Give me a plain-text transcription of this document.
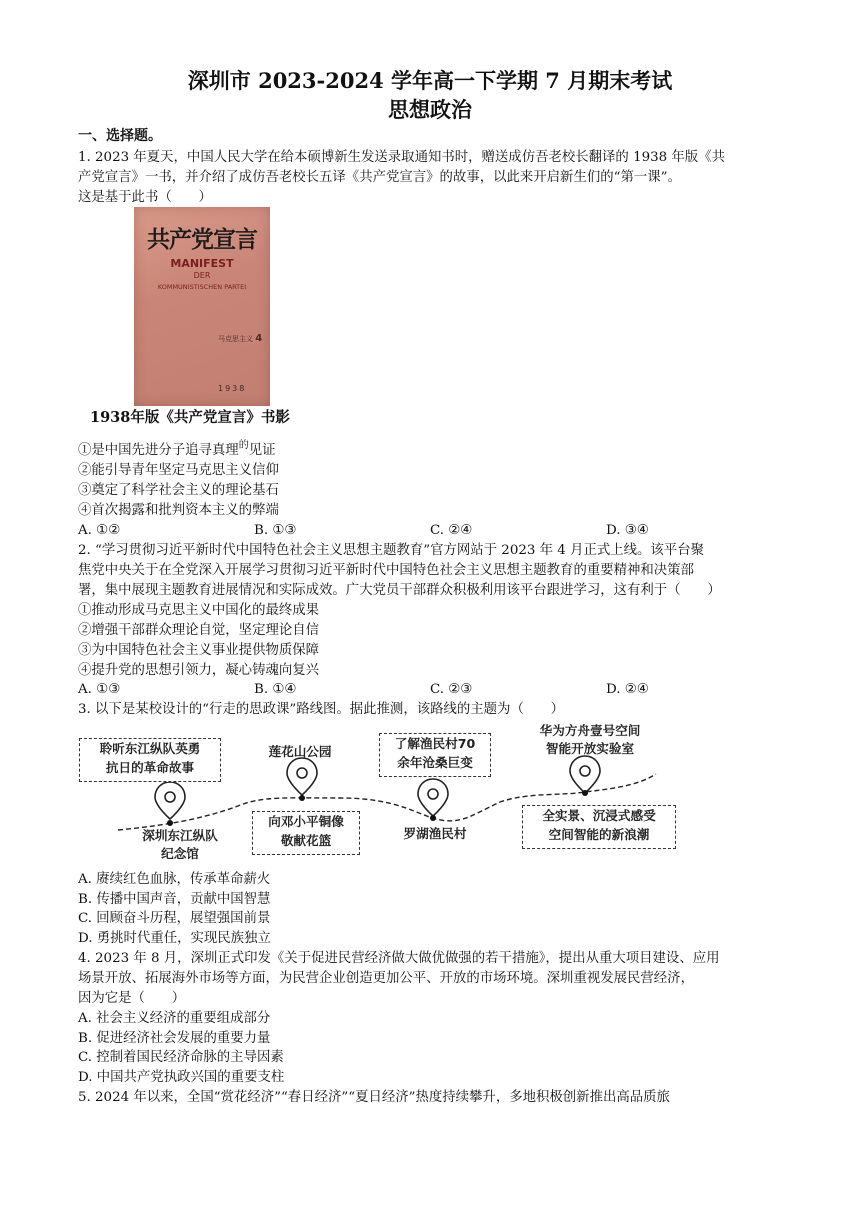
深圳市 2023-2024 学年高一下学期 7 月期末考试
思想政治
一、选择题。
1. 2023 年夏天，中国人民大学在给本硕博新生发送录取通知书时，赠送成仿吾老校长翻译的 1938 年版《共
产党宣言》一书，并介绍了成仿吾老校长五译《共产党宣言》的故事，以此来开启新生们的“第一课”。
这是基于此书（　　）
共产党宣言
MANIFEST
DER
KOMMUNISTISCHEN PARTEI
马克思主义 4
1938
1938年版《共产党宣言》书影
①是中国先进分子追寻真理$^的$见证
②能引导青年坚定马克思主义信仰
③奠定了科学社会主义的理论基石
④首次揭露和批判资本主义的弊端
A. ①②	B. ①③	C. ②④	D. ③④
2. “学习贯彻习近平新时代中国特色社会主义思想主题教育”官方网站于 2023 年 4 月正式上线。该平台聚
焦党中央关于在全党深入开展学习贯彻习近平新时代中国特色社会主义思想主题教育的重要精神和决策部
署，集中展现主题教育进展情况和实际成效。广大党员干部群众积极利用该平台跟进学习，这有利于（　　）
①推动形成马克思主义中国化的最终成果
②增强干部群众理论自觉，坚定理论自信
③为中国特色社会主义事业提供物质保障
④提升党的思想引领力，凝心铸魂向复兴
A. ①③	B. ①④	C. ②③	D. ②④
3. 以下是某校设计的“行走的思政课”路线图。据此推测，该路线的主题为（　　）
聆听东江纵队英勇
抗日的革命故事
深圳东江纵队
纪念馆
莲花山公园
向邓小平铜像
敬献花篮
了解渔民村70
余年沧桑巨变
罗湖渔民村
华为方舟壹号空间
智能开放实验室
全实景、沉浸式感受
空间智能的新浪潮
A. 赓续红色血脉，传承革命薪火
B. 传播中国声音，贡献中国智慧
C. 回顾奋斗历程，展望强国前景
D. 勇挑时代重任，实现民族独立
4. 2023 年 8 月，深圳正式印发《关于促进民营经济做大做优做强的若干措施》，提出从重大项目建设、应用
场景开放、拓展海外市场等方面，为民营企业创造更加公平、开放的市场环境。深圳重视发展民营经济，
因为它是（　　）
A. 社会主义经济的重要组成部分
B. 促进经济社会发展的重要力量
C. 控制着国民经济命脉的主导因素
D. 中国共产党执政兴国的重要支柱
5. 2024 年以来，全国“赏花经济”“春日经济”“夏日经济”热度持续攀升，多地积极创新推出高品质旅
